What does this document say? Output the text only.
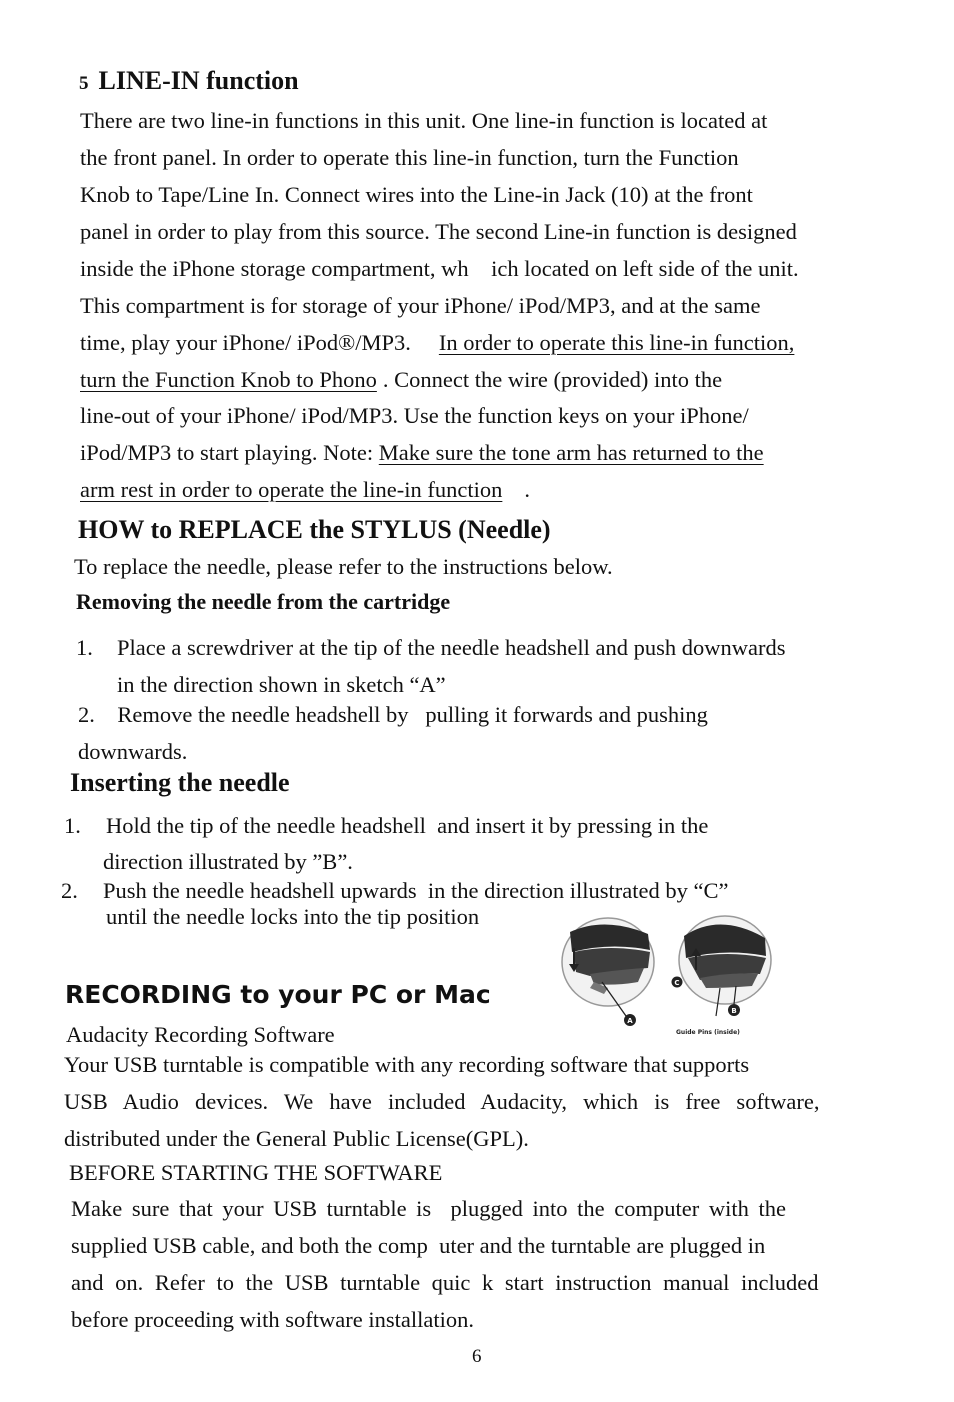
5 LINE-IN function
There are two line-in functions in this unit. One line-in function is located at
the front panel. In order to operate this line-in function, turn the Function
Knob to Tape/Line In. Connect wires into the Line-in Jack (10) at the front
panel in order to play from this source. The second Line-in function is designed
inside the iPhone storage compartment, wh    ich located on left side of the unit.
This compartment is for storage of your iPhone/ iPod/MP3, and at the same
time, play your iPhone/ iPod®/MP3. In order to operate this line-in function,
turn the Function Knob to Phono . Connect the wire (provided) into the
line-out of your iPhone/ iPod/MP3. Use the function keys on your iPhone/
iPod/MP3 to start playing. Note: Make sure the tone arm has returned to the
arm rest in order to operate the line-in function .
HOW to REPLACE the STYLUS (Needle)
To replace the needle, please refer to the instructions below.
Removing the needle from the cartridge
1. Place a screwdriver at the tip of the needle headshell and push downwards
in the direction shown in sketch “A”
2.    Remove the needle headshell by   pulling it forwards and pushing
downwards.
Inserting the needle
1. Hold the tip of the needle headshell  and insert it by pressing in the
direction illustrated by ”B”.
2. Push the needle headshell upwards  in the direction illustrated by “C”
until the needle locks into the tip position
A
B
C
Guide Pins (inside)
RECORDING to your PC or Mac
Audacity Recording Software
Your USB turntable is compatible with any recording software that supports
USB Audio devices. We have included Audacity, which is free software,
distributed under the General Public License(GPL).
BEFORE STARTING THE SOFTWARE
Make sure that your USB turntable is  plugged into the computer with the
supplied USB cable, and both the comp  uter and the turntable are plugged in
and on. Refer to the USB turntable quic k start instruction manual included
before proceeding with software installation.
6
